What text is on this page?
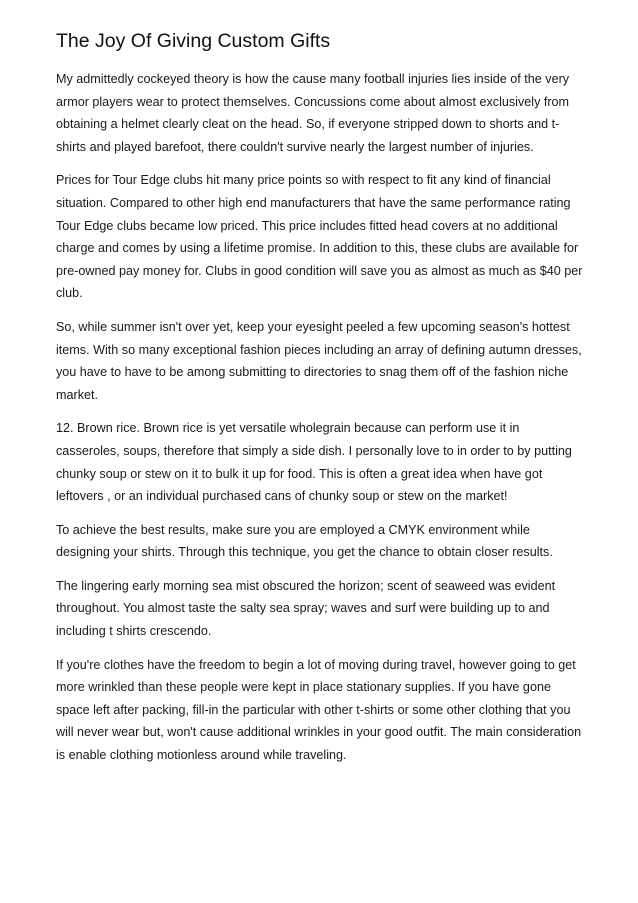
The Joy Of Giving Custom Gifts

My admittedly cockeyed theory is how the cause many football injuries lies inside of the very armor players wear to protect themselves. Concussions come about almost exclusively from obtaining a helmet clearly cleat on the head. So, if everyone stripped down to shorts and t-shirts and played barefoot, there couldn't survive nearly the largest number of injuries.

Prices for Tour Edge clubs hit many price points so with respect to fit any kind of financial situation. Compared to other high end manufacturers that have the same performance rating Tour Edge clubs became low priced. This price includes fitted head covers at no additional charge and comes by using a lifetime promise. In addition to this, these clubs are available for pre-owned pay money for. Clubs in good condition will save you as almost as much as $40 per club.

So, while summer isn't over yet, keep your eyesight peeled a few upcoming season's hottest items. With so many exceptional fashion pieces including an array of defining autumn dresses, you have to have to be among submitting to directories to snag them off of the fashion niche market.

12. Brown rice. Brown rice is yet versatile wholegrain because can perform use it in casseroles, soups, therefore that simply a side dish. I personally love to in order to by putting chunky soup or stew on it to bulk it up for food. This is often a great idea when have got leftovers , or an individual purchased cans of chunky soup or stew on the market!

To achieve the best results, make sure you are employed a CMYK environment while designing your shirts. Through this technique, you get the chance to obtain closer results.

The lingering early morning sea mist obscured the horizon; scent of seaweed was evident throughout. You almost taste the salty sea spray; waves and surf were building up to and including t shirts crescendo.

If you're clothes have the freedom to begin a lot of moving during travel, however going to get more wrinkled than these people were kept in place stationary supplies. If you have gone space left after packing, fill-in the particular with other t-shirts or some other clothing that you will never wear but, won't cause additional wrinkles in your good outfit. The main consideration is enable clothing motionless around while traveling.
